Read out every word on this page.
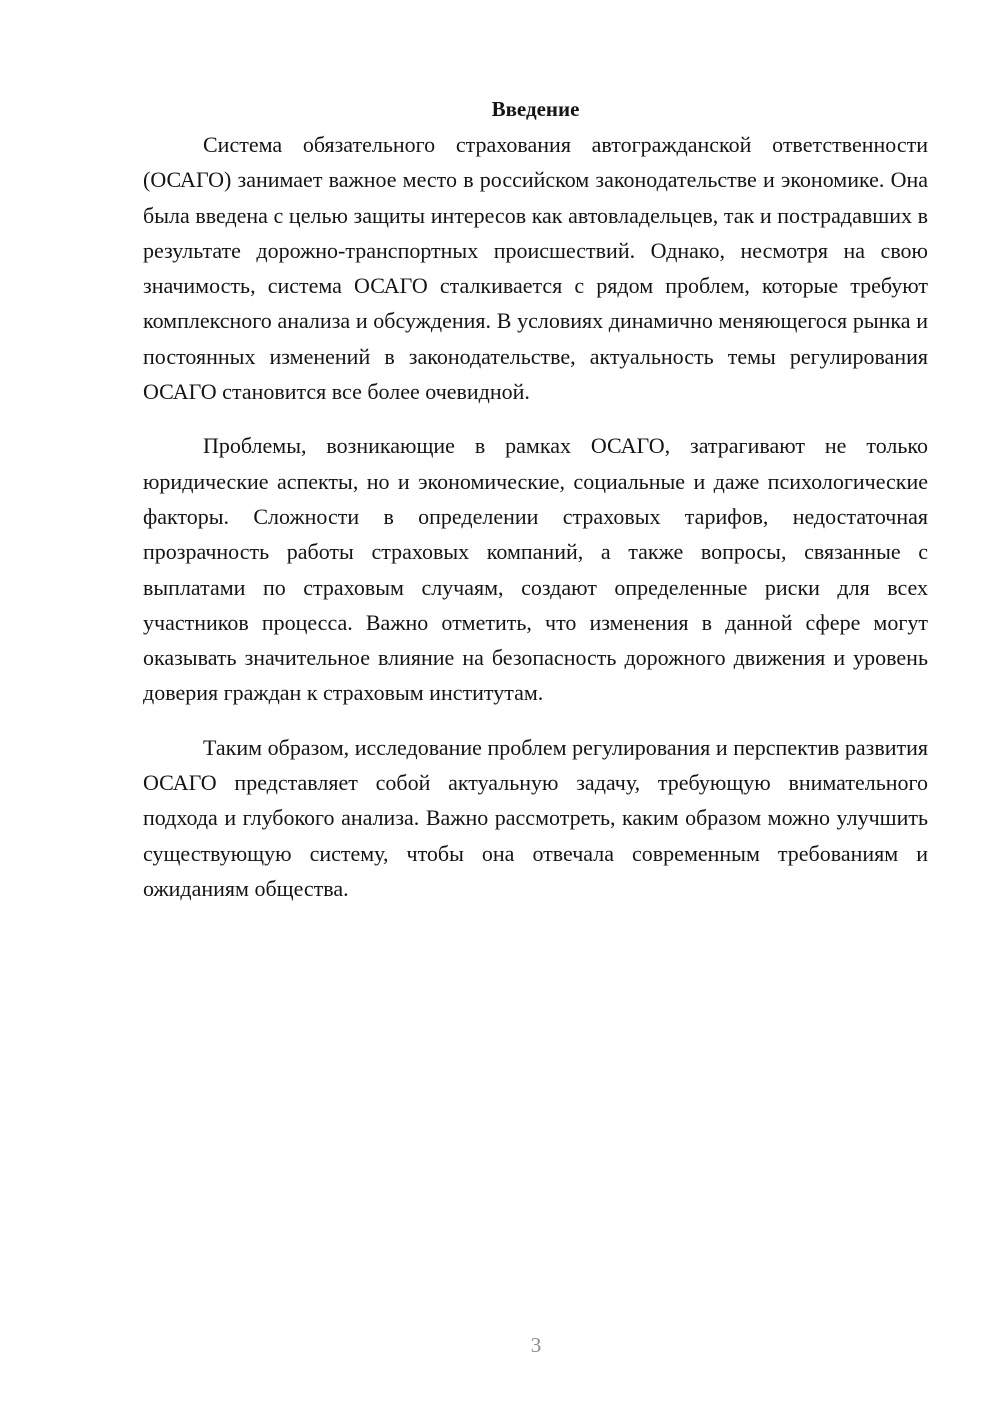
Введение

Система обязательного страхования автогражданской ответственности (ОСАГО) занимает важное место в российском законодательстве и экономике. Она была введена с целью защиты интересов как автовладельцев, так и пострадавших в результате дорожно-транспортных происшествий. Однако, несмотря на свою значимость, система ОСАГО сталкивается с рядом проблем, которые требуют комплексного анализа и обсуждения. В условиях динамично меняющегося рынка и постоянных изменений в законодательстве, актуальность темы регулирования ОСАГО становится все более очевидной.

Проблемы, возникающие в рамках ОСАГО, затрагивают не только юридические аспекты, но и экономические, социальные и даже психологические факторы. Сложности в определении страховых тарифов, недостаточная прозрачность работы страховых компаний, а также вопросы, связанные с выплатами по страховым случаям, создают определенные риски для всех участников процесса. Важно отметить, что изменения в данной сфере могут оказывать значительное влияние на безопасность дорожного движения и уровень доверия граждан к страховым институтам.

Таким образом, исследование проблем регулирования и перспектив развития ОСАГО представляет собой актуальную задачу, требующую внимательного подхода и глубокого анализа. Важно рассмотреть, каким образом можно улучшить существующую систему, чтобы она отвечала современным требованиям и ожиданиям общества.

3
